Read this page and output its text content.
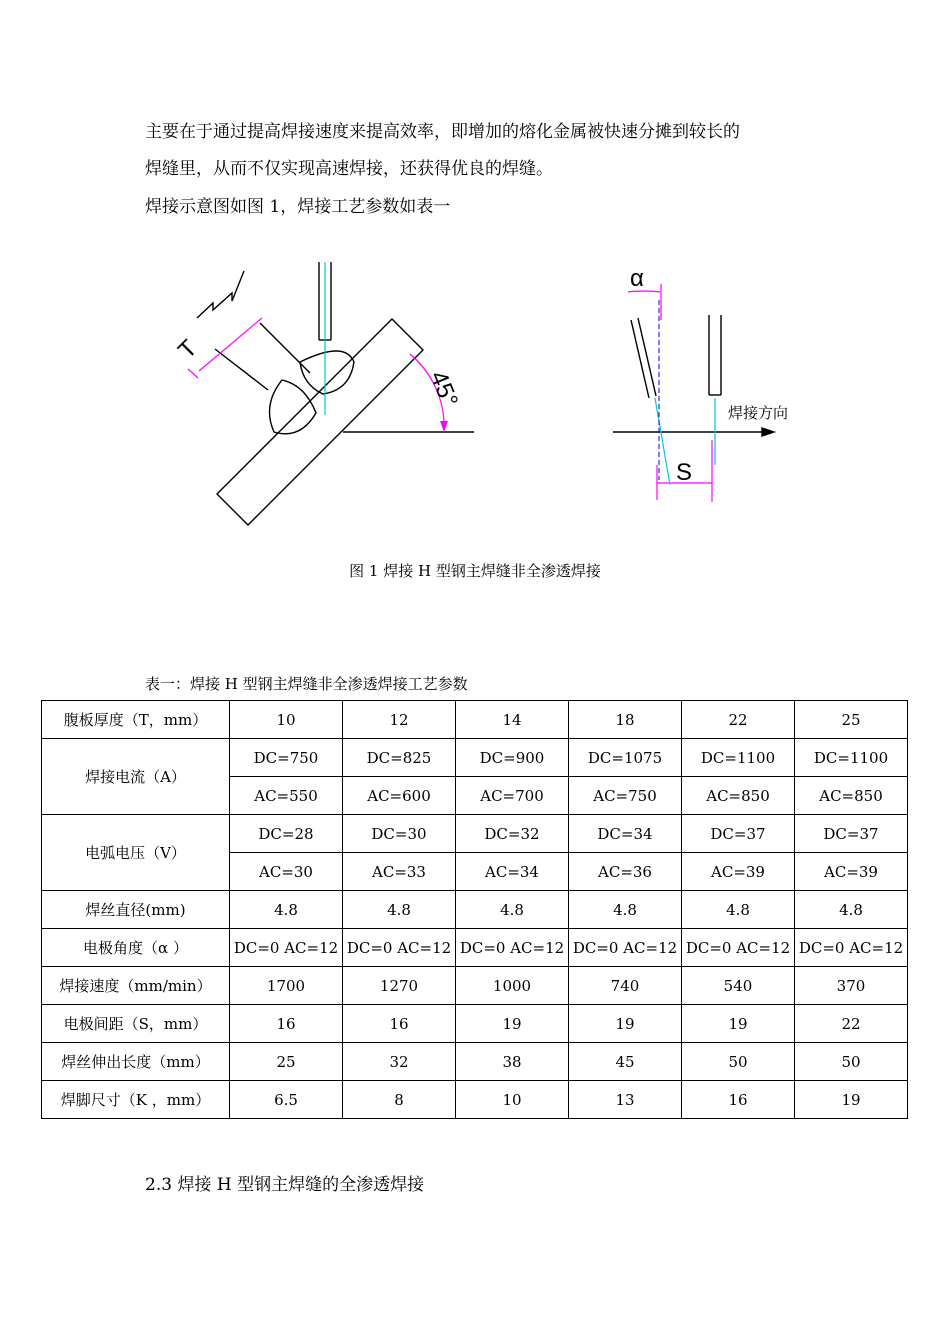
主要在于通过提高焊接速度来提高效率，即增加的熔化金属被快速分摊到较长的
焊缝里，从而不仅实现高速焊接，还获得优良的焊缝。
焊接示意图如图 1，焊接工艺参数如表一
T
45°
α
焊接方向
S
图 1 焊接 H 型钢主焊缝非全渗透焊接
表一：焊接 H 型钢主焊缝非全渗透焊接工艺参数
腹板厚度（T，mm）	10	12	14	18	22	25
焊接电流（A）	DC=750	DC=825	DC=900	DC=1075	DC=1100	DC=1100
	AC=550	AC=600	AC=700	AC=750	AC=850	AC=850
电弧电压（V）	DC=28	DC=30	DC=32	DC=34	DC=37	DC=37
	AC=30	AC=33	AC=34	AC=36	AC=39	AC=39
焊丝直径(mm)	4.8	4.8	4.8	4.8	4.8	4.8
电极角度（α ）	DC=0 AC=12	DC=0 AC=12	DC=0 AC=12	DC=0 AC=12	DC=0 AC=12	DC=0 AC=12
焊接速度（mm/min）	1700	1270	1000	740	540	370
电极间距（S，mm）	16	16	19	19	19	22
焊丝伸出长度（mm）	25	32	38	45	50	50
焊脚尺寸（K ，mm）	6.5	8	10	13	16	19
2.3 焊接 H 型钢主焊缝的全渗透焊接
